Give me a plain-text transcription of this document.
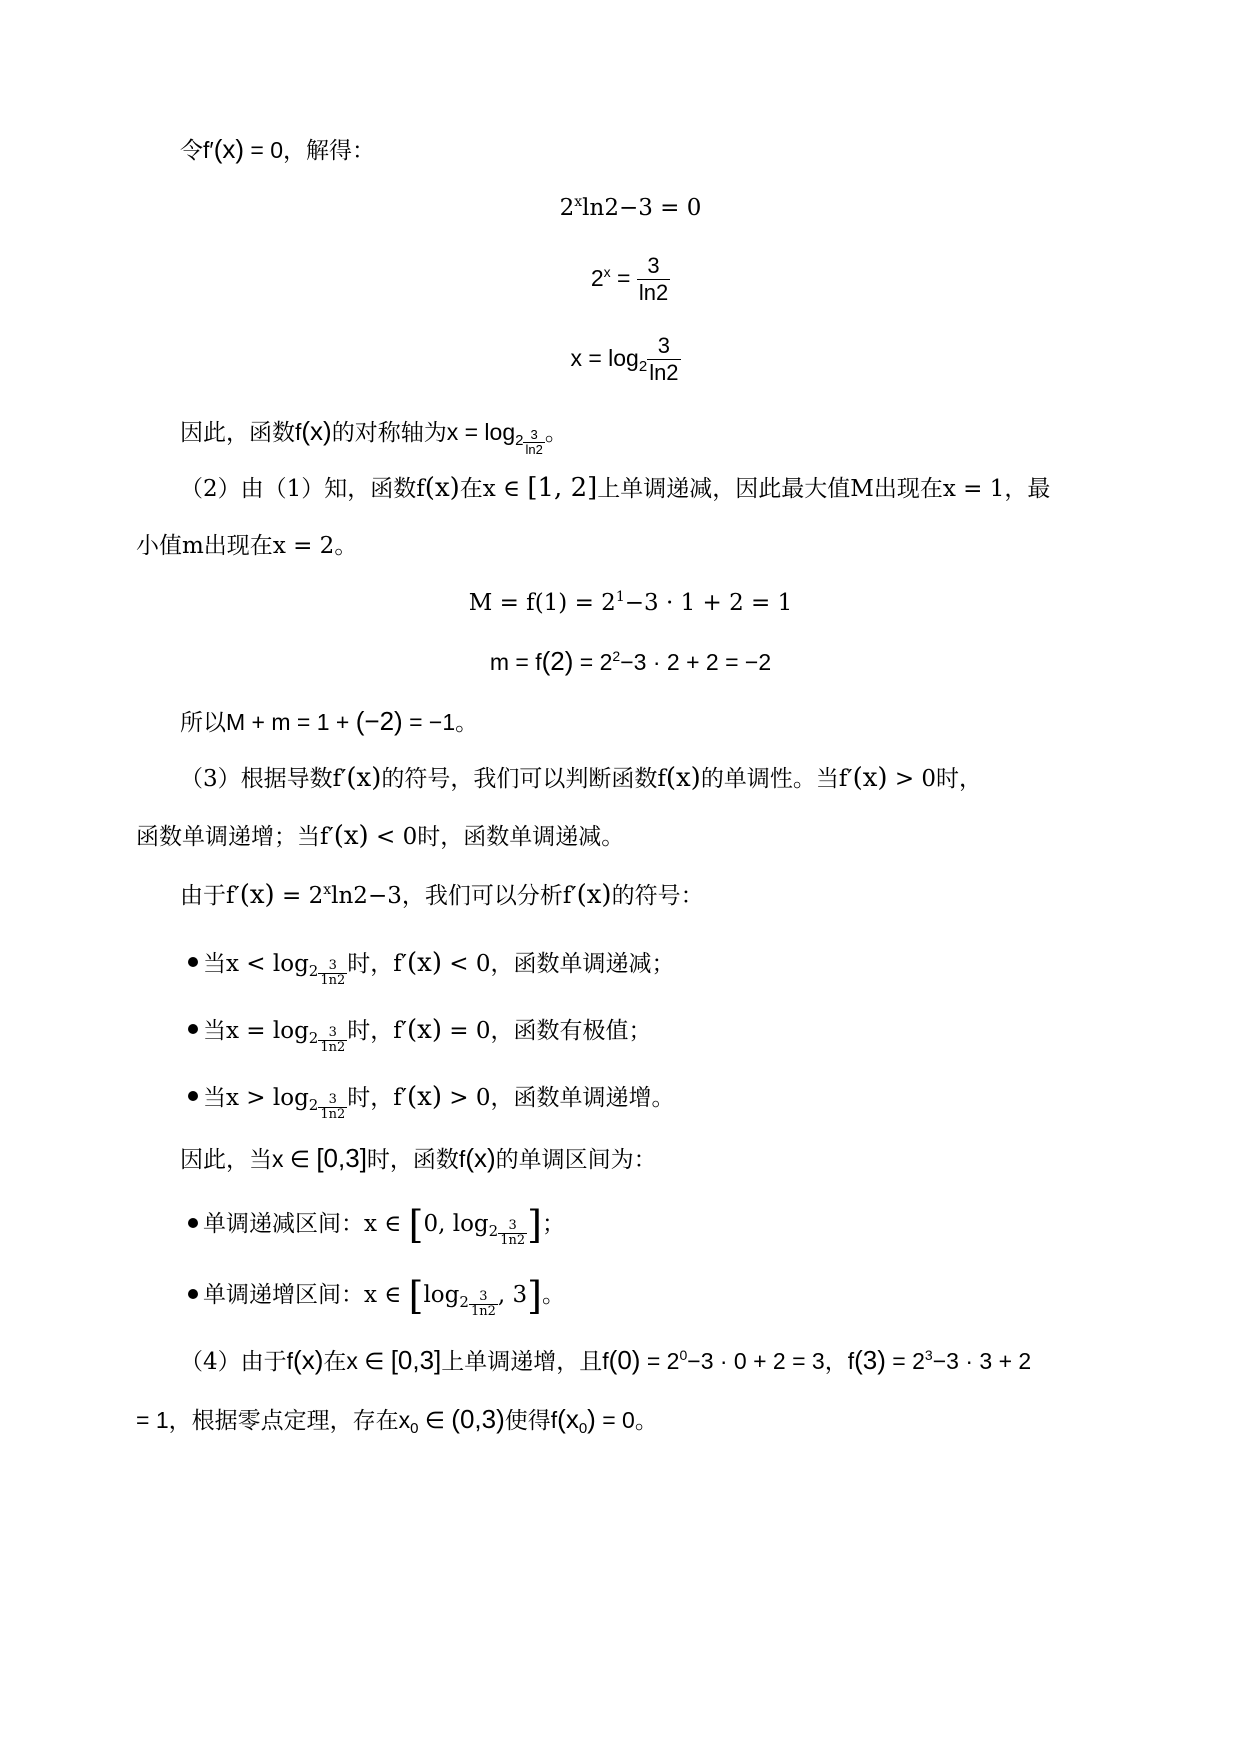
令f′(x) = 0，解得：
$2^x\ln 2-3 = 0$
$2^x = \frac{3}{\ln 2}$
$x = \log_2 \frac{3}{\ln 2}$
因此，函数f(x)的对称轴为$x = \log_2 \frac{3}{\ln 2}$ 。
（2）由（1）知，函数f(x)在x ∈ [1, 2]上单调递减，因此最大值M出现在x = 1，最
小值m出现在x = 2。
$M = f(1) = 2^1-3 \cdot 1 + 2 = 1$
$m = f(2) = 2^2-3 \cdot 2 + 2 = -2$
所以M + m = 1 + (−2) = −1。
（3）根据导数f′(x)的符号，我们可以判断函数f(x)的单调性。当f′(x) > 0时，
函数单调递增；当f′(x) < 0时，函数单调递减。
由于$f'(x) = 2^x\ln 2-3$，我们可以分析f′(x)的符号：
当$x < \log_2 \frac{3}{1n2}$ 时，f′(x) < 0，函数单调递减；
当$x = \log_2 \frac{3}{1n2}$ 时，f′(x) = 0，函数有极值；
当$x > \log_2 \frac{3}{1n2}$ 时，f′(x) > 0，函数单调递增。
因此，当x ∈ [0,3]时，函数f(x)的单调区间为：
单调递减区间：x ∈ [0, $\log_2 \frac{3}{1n2}$ ]；
单调递增区间：x ∈ [$\log_2 \frac{3}{1n2}$ , 3]。
（4）由于f(x)在x ∈ [0,3]上单调递增，且$f(0) = 2^0-3 \cdot 0 + 2 = 3$，$f(3) = 2^3-3 \cdot 3 + 2$
= 1，根据零点定理，存在$x_0$ ∈ (0,3)使得$f(x_0) = 0$。
